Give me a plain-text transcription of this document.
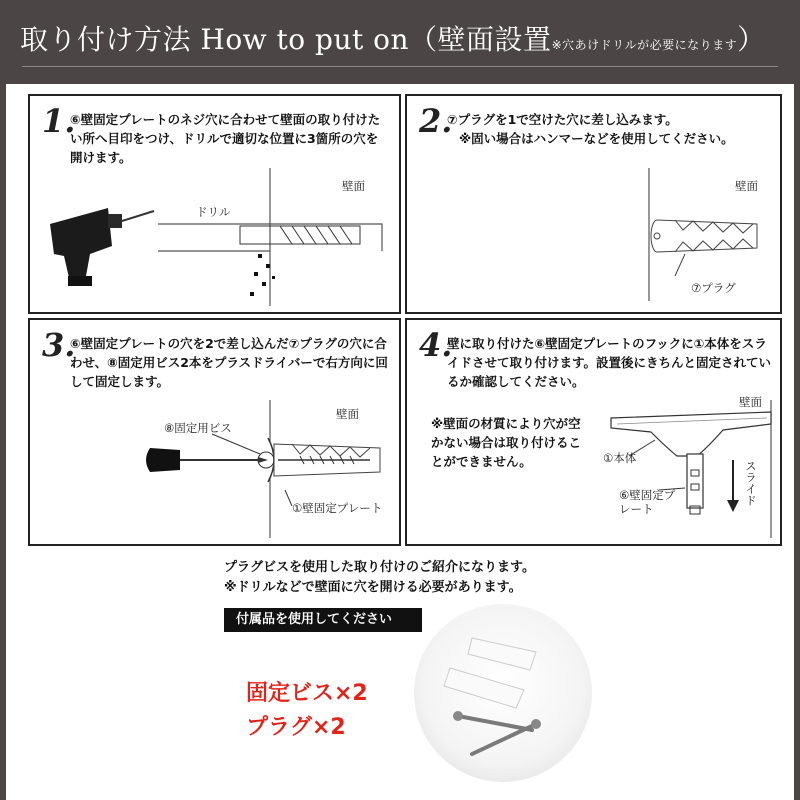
取り付け方法 How to put on（壁面設置※穴あけドリルが必要になります）
1.
⑥壁固定プレートのネジ穴に合わせて壁面の取り付けたい所へ目印をつけ、ドリルで適切な位置に3箇所の穴を開けます。
壁面
ドリル
2.
⑦プラグを1で空けた穴に差し込みます。
※固い場合はハンマーなどを使用してください。
壁面
⑦プラグ
3.
⑥壁固定プレートの穴を2で差し込んだ⑦プラグの穴に合わせ、⑧固定用ビス2本をプラスドライバーで右方向に回して固定します。
壁面
⑧固定用ビス
①壁固定プレート
4.
壁に取り付けた⑥壁固定プレートのフックに①本体をスライドさせて取り付けます。設置後にきちんと固定されているか確認してください。
※壁面の材質により穴が空かない場合は取り付けることができません。
壁面
①本体
⑥壁固定プレート
スライド
プラグビスを使用した取り付けのご紹介になります。
※ドリルなどで壁面に穴を開ける必要があります。
付属品を使用してください
固定ビス×2
プラグ×2
